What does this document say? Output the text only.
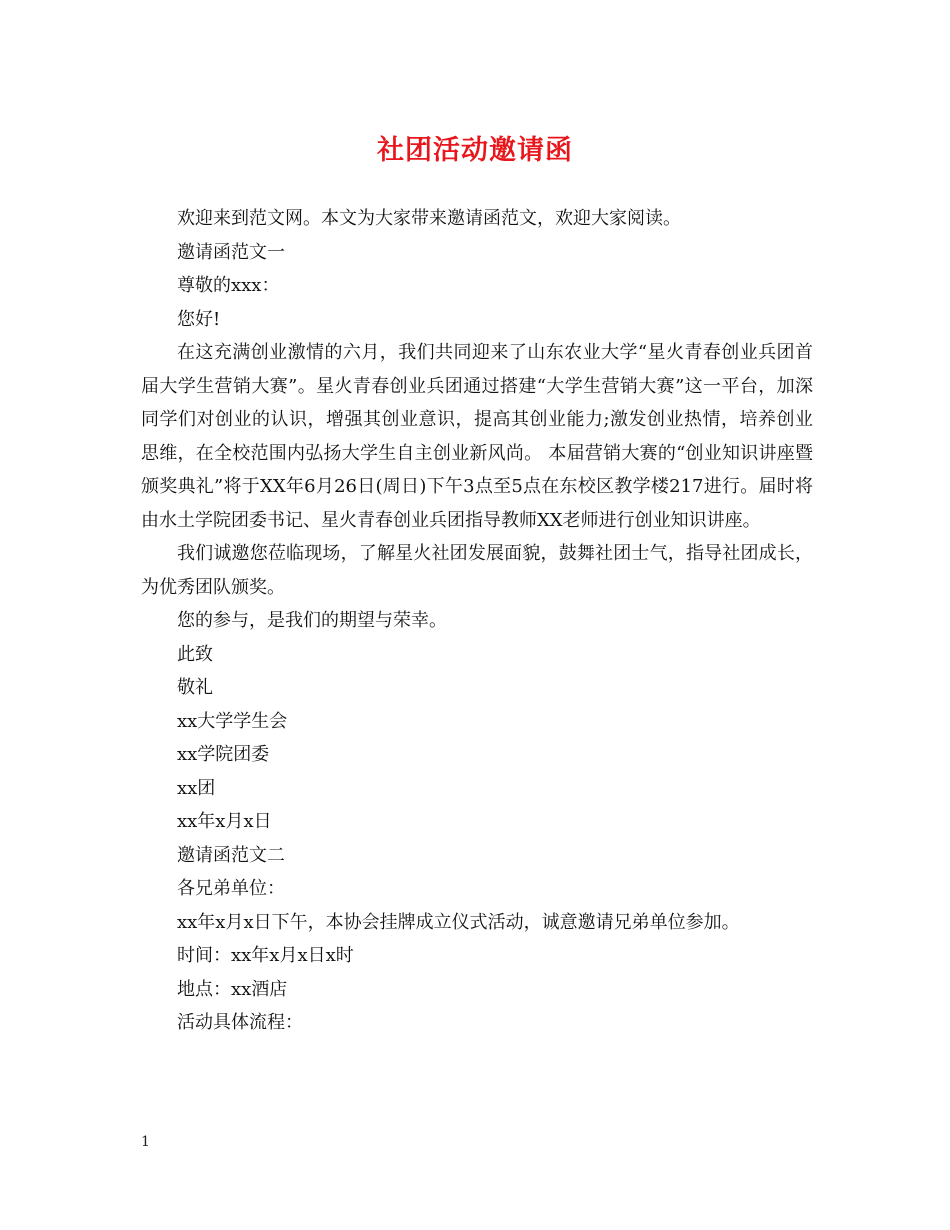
社团活动邀请函

欢迎来到范文网。本文为大家带来邀请函范文，欢迎大家阅读。

邀请函范文一

尊敬的xxx：

您好!

在这充满创业激情的六月，我们共同迎来了山东农业大学“星火青春创业兵团首届大学生营销大赛”。星火青春创业兵团通过搭建“大学生营销大赛”这一平台，加深同学们对创业的认识，增强其创业意识，提高其创业能力;激发创业热情，培养创业思维，在全校范围内弘扬大学生自主创业新风尚。 本届营销大赛的“创业知识讲座暨颁奖典礼”将于XX年6月26日(周日)下午3点至5点在东校区教学楼217进行。届时将由水土学院团委书记、星火青春创业兵团指导教师XX老师进行创业知识讲座。

我们诚邀您莅临现场，了解星火社团发展面貌，鼓舞社团士气，指导社团成长，为优秀团队颁奖。

您的参与，是我们的期望与荣幸。

此致

敬礼

xx大学学生会

xx学院团委

xx团

xx年x月x日

邀请函范文二

各兄弟单位：

xx年x月x日下午，本协会挂牌成立仪式活动，诚意邀请兄弟单位参加。

时间：xx年x月x日x时

地点：xx酒店

活动具体流程：

1
